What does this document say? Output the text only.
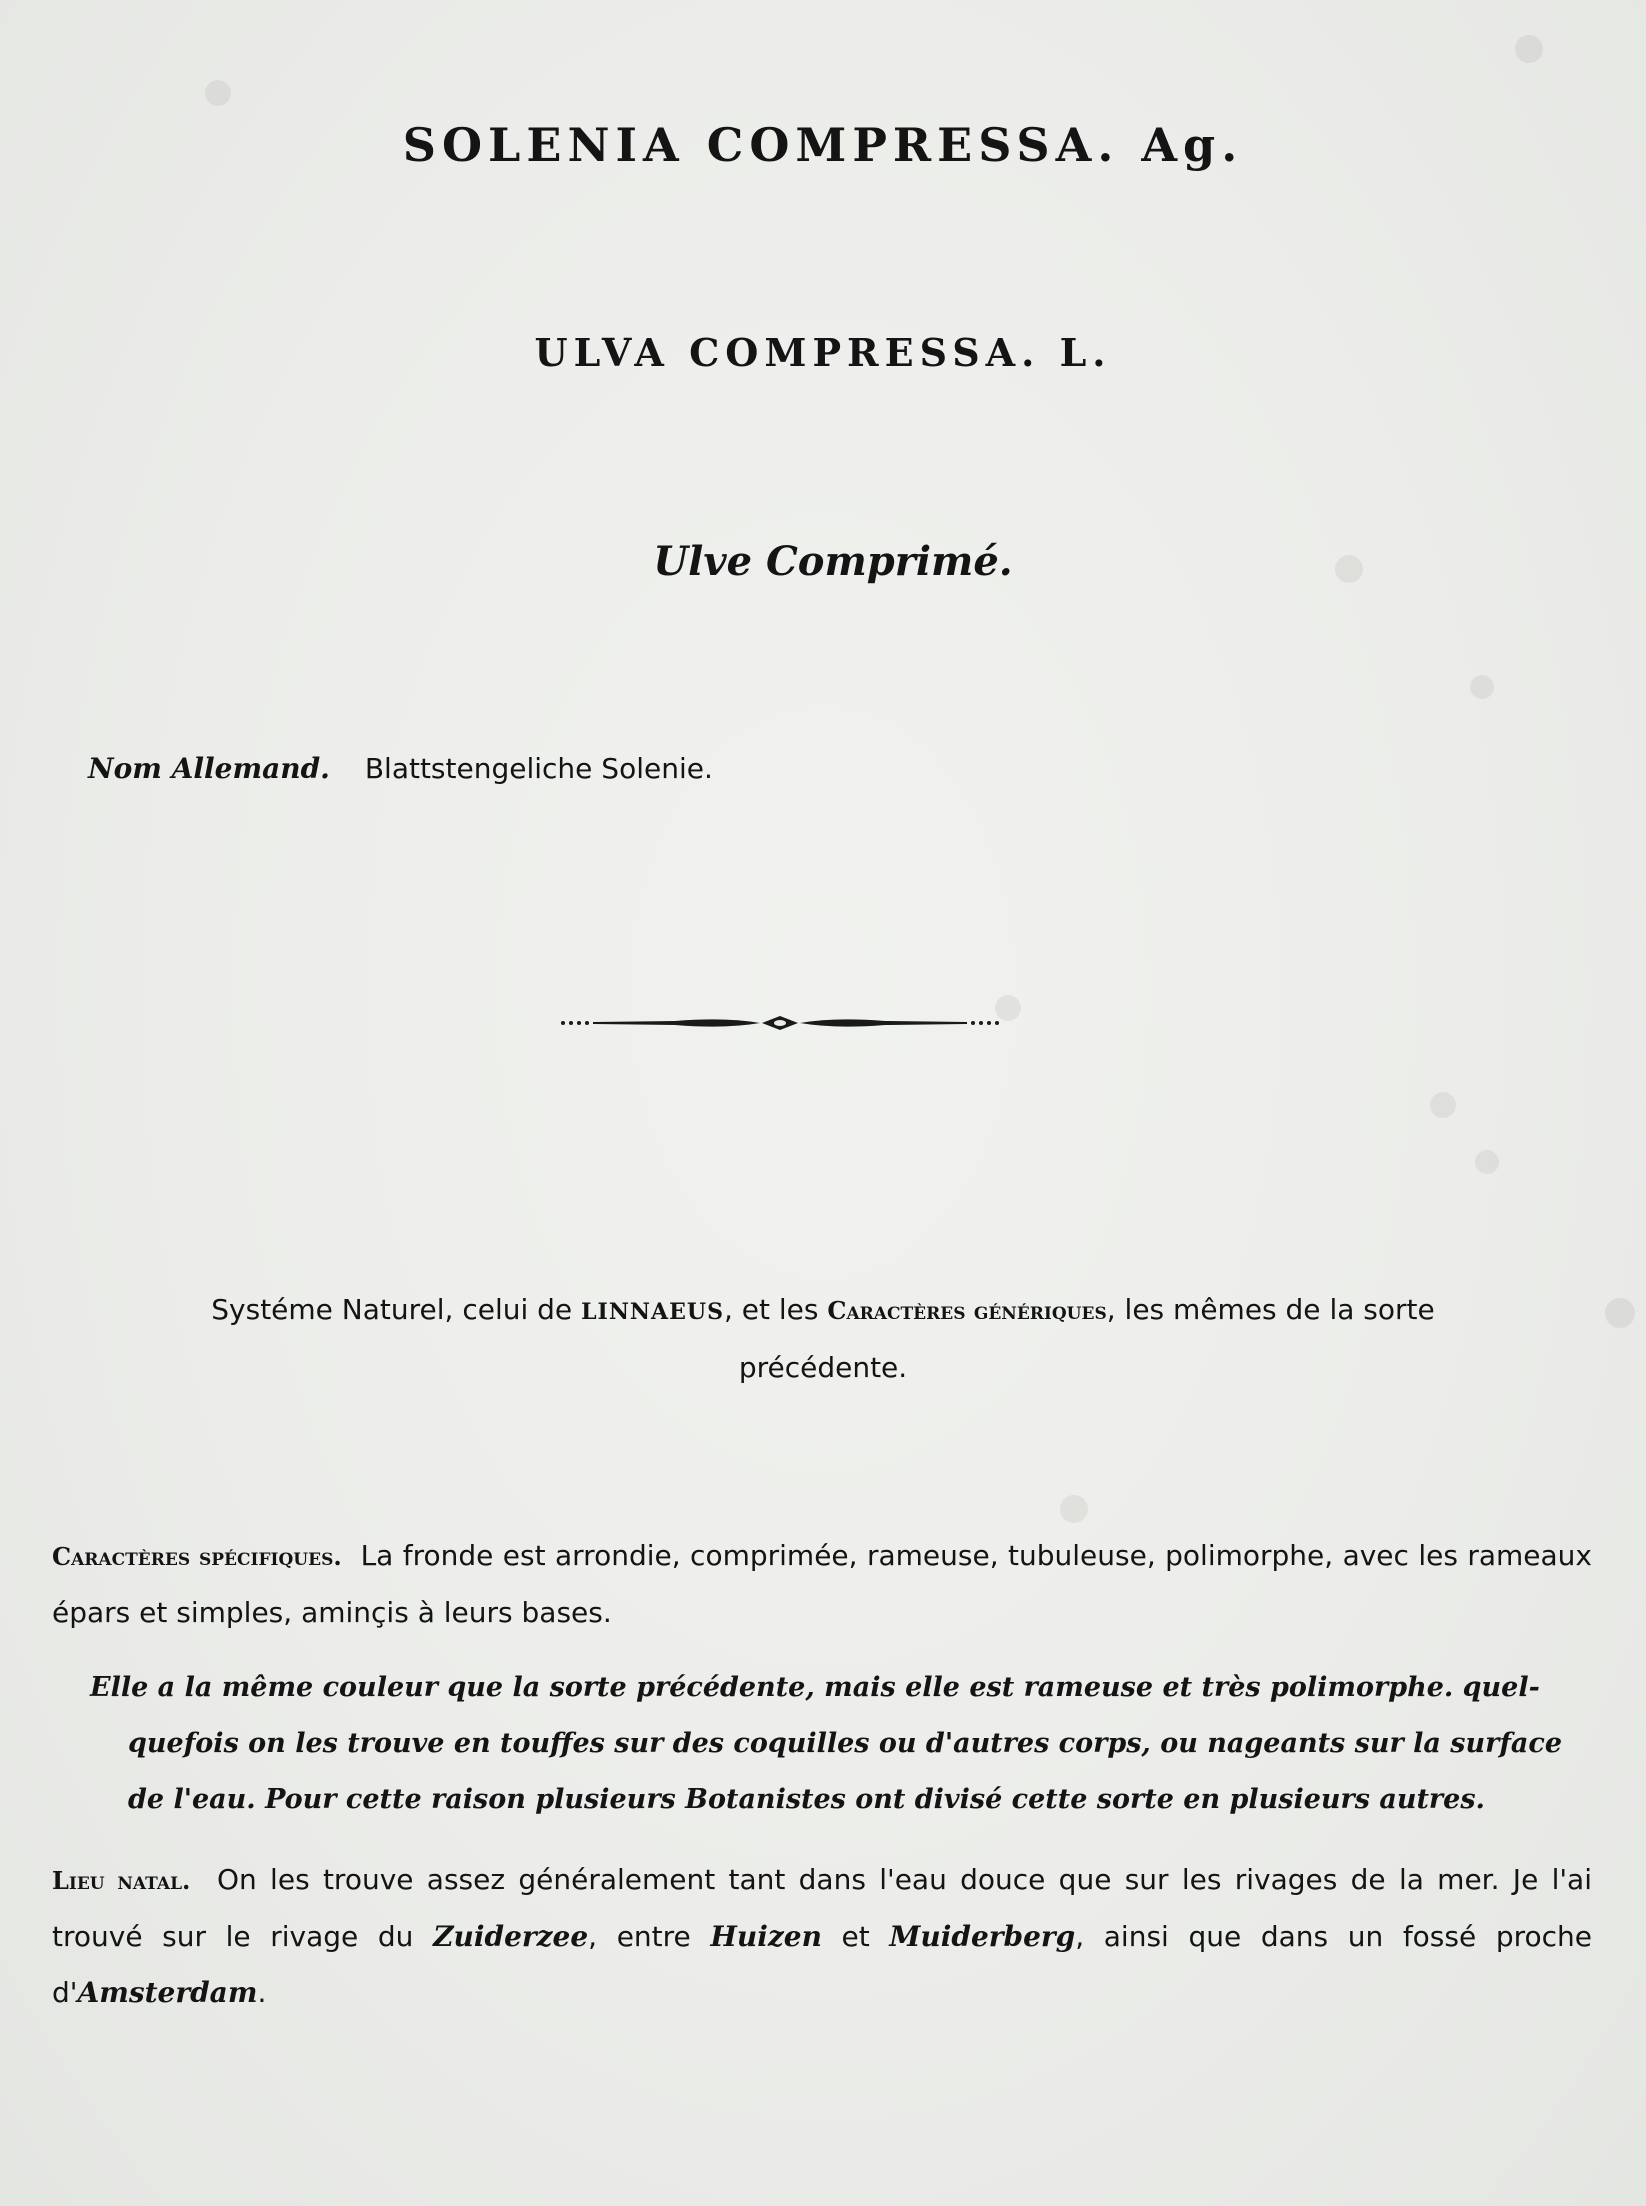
SOLENIA COMPRESSA. Ag.
ULVA COMPRESSA. L.
Ulve Comprimé.
Nom Allemand. Blattstengeliche Solenie.
Systéme Naturel, celui de LINNAEUS, et les Caractères génériques, les mêmes de la sorte précédente.
Caractères spécifiques. La fronde est arrondie, comprimée, rameuse, tubuleuse, polimorphe, avec les rameaux épars et simples, aminçis à leurs bases.
Elle a la même couleur que la sorte précédente, mais elle est rameuse et très polimorphe. quel-
quefois on les trouve en touffes sur des coquilles ou d'autres corps, ou nageants sur la surface
de l'eau. Pour cette raison plusieurs Botanistes ont divisé cette sorte en plusieurs autres.
Lieu natal. On les trouve assez généralement tant dans l'eau douce que sur les rivages de la mer. Je l'ai trouvé sur le rivage du Zuiderzee, entre Huizen et Muiderberg, ainsi que dans un fossé proche d'Amsterdam.
